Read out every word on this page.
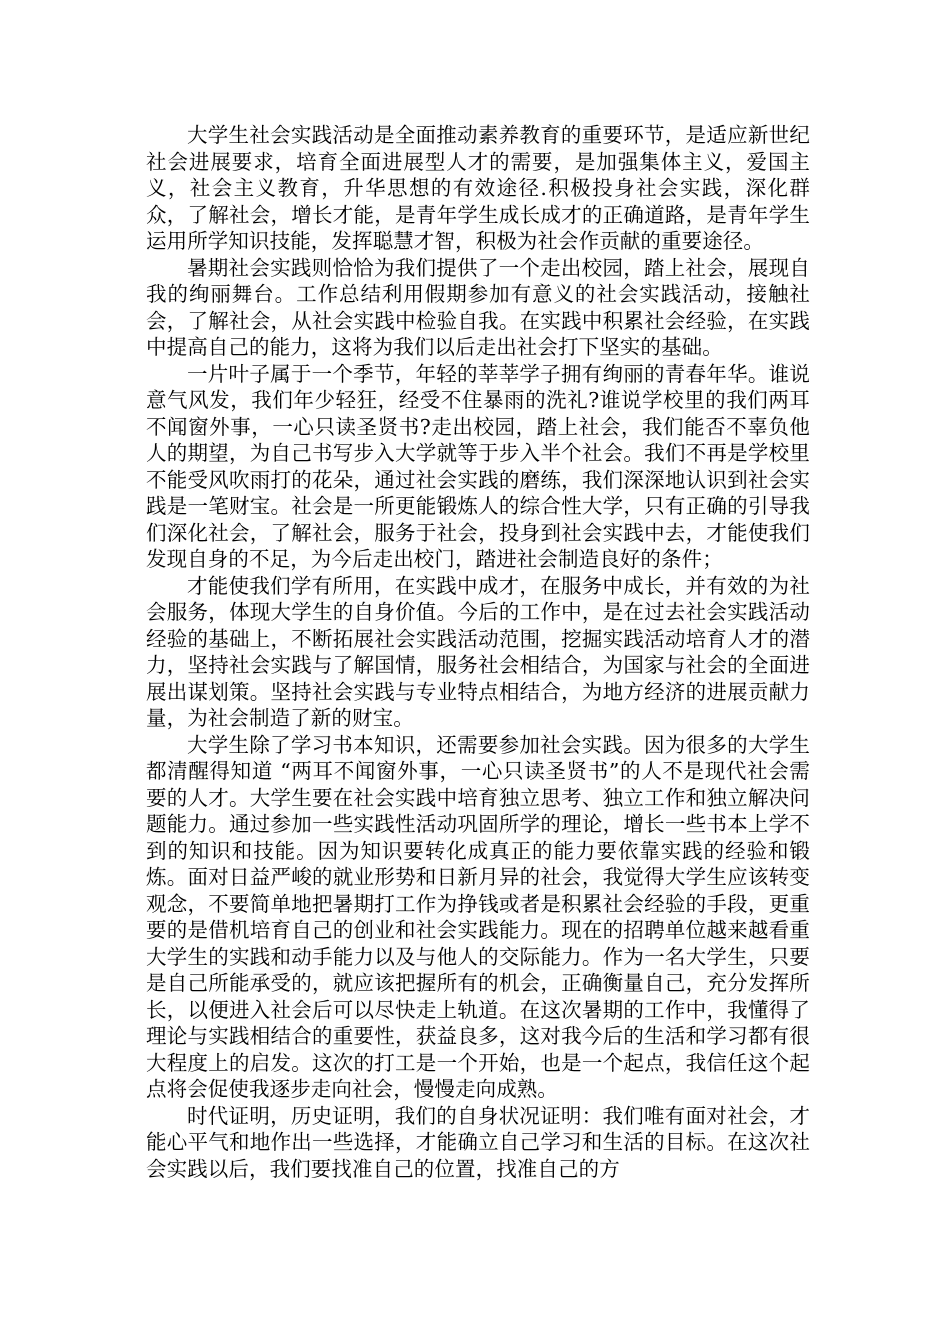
大学生社会实践活动是全面推动素养教育的重要环节，是适应新世纪社会进展要求，培育全面进展型人才的需要，是加强集体主义，爱国主义，社会主义教育，升华思想的有效途径.积极投身社会实践，深化群众，了解社会，增长才能，是青年学生成长成才的正确道路，是青年学生运用所学知识技能，发挥聪慧才智，积极为社会作贡献的重要途径。

暑期社会实践则恰恰为我们提供了一个走出校园，踏上社会，展现自我的绚丽舞台。工作总结利用假期参加有意义的社会实践活动，接触社会，了解社会，从社会实践中检验自我。在实践中积累社会经验，在实践中提高自己的能力，这将为我们以后走出社会打下坚实的基础。

一片叶子属于一个季节，年轻的莘莘学子拥有绚丽的青春年华。谁说意气风发，我们年少轻狂，经受不住暴雨的洗礼?谁说学校里的我们两耳不闻窗外事，一心只读圣贤书?走出校园，踏上社会，我们能否不辜负他人的期望，为自己书写步入大学就等于步入半个社会。我们不再是学校里不能受风吹雨打的花朵，通过社会实践的磨练，我们深深地认识到社会实践是一笔财宝。社会是一所更能锻炼人的综合性大学，只有正确的引导我们深化社会，了解社会，服务于社会，投身到社会实践中去，才能使我们发现自身的不足，为今后走出校门，踏进社会制造良好的条件；

才能使我们学有所用，在实践中成才，在服务中成长，并有效的为社会服务，体现大学生的自身价值。今后的工作中，是在过去社会实践活动经验的基础上，不断拓展社会实践活动范围，挖掘实践活动培育人才的潜力，坚持社会实践与了解国情，服务社会相结合，为国家与社会的全面进展出谋划策。坚持社会实践与专业特点相结合，为地方经济的进展贡献力量，为社会制造了新的财宝。

大学生除了学习书本知识，还需要参加社会实践。因为很多的大学生都清醒得知道 “两耳不闻窗外事，一心只读圣贤书”的人不是现代社会需要的人才。大学生要在社会实践中培育独立思考、独立工作和独立解决问题能力。通过参加一些实践性活动巩固所学的理论，增长一些书本上学不到的知识和技能。因为知识要转化成真正的能力要依靠实践的经验和锻炼。面对日益严峻的就业形势和日新月异的社会，我觉得大学生应该转变观念，不要简单地把暑期打工作为挣钱或者是积累社会经验的手段，更重要的是借机培育自己的创业和社会实践能力。现在的招聘单位越来越看重大学生的实践和动手能力以及与他人的交际能力。作为一名大学生，只要是自己所能承受的，就应该把握所有的机会，正确衡量自己，充分发挥所长，以便进入社会后可以尽快走上轨道。在这次暑期的工作中，我懂得了理论与实践相结合的重要性，获益良多，这对我今后的生活和学习都有很大程度上的启发。这次的打工是一个开始，也是一个起点，我信任这个起点将会促使我逐步走向社会，慢慢走向成熟。

时代证明，历史证明，我们的自身状况证明：我们唯有面对社会，才能心平气和地作出一些选择，才能确立自己学习和生活的目标。在这次社会实践以后，我们要找准自己的位置，找准自己的方
